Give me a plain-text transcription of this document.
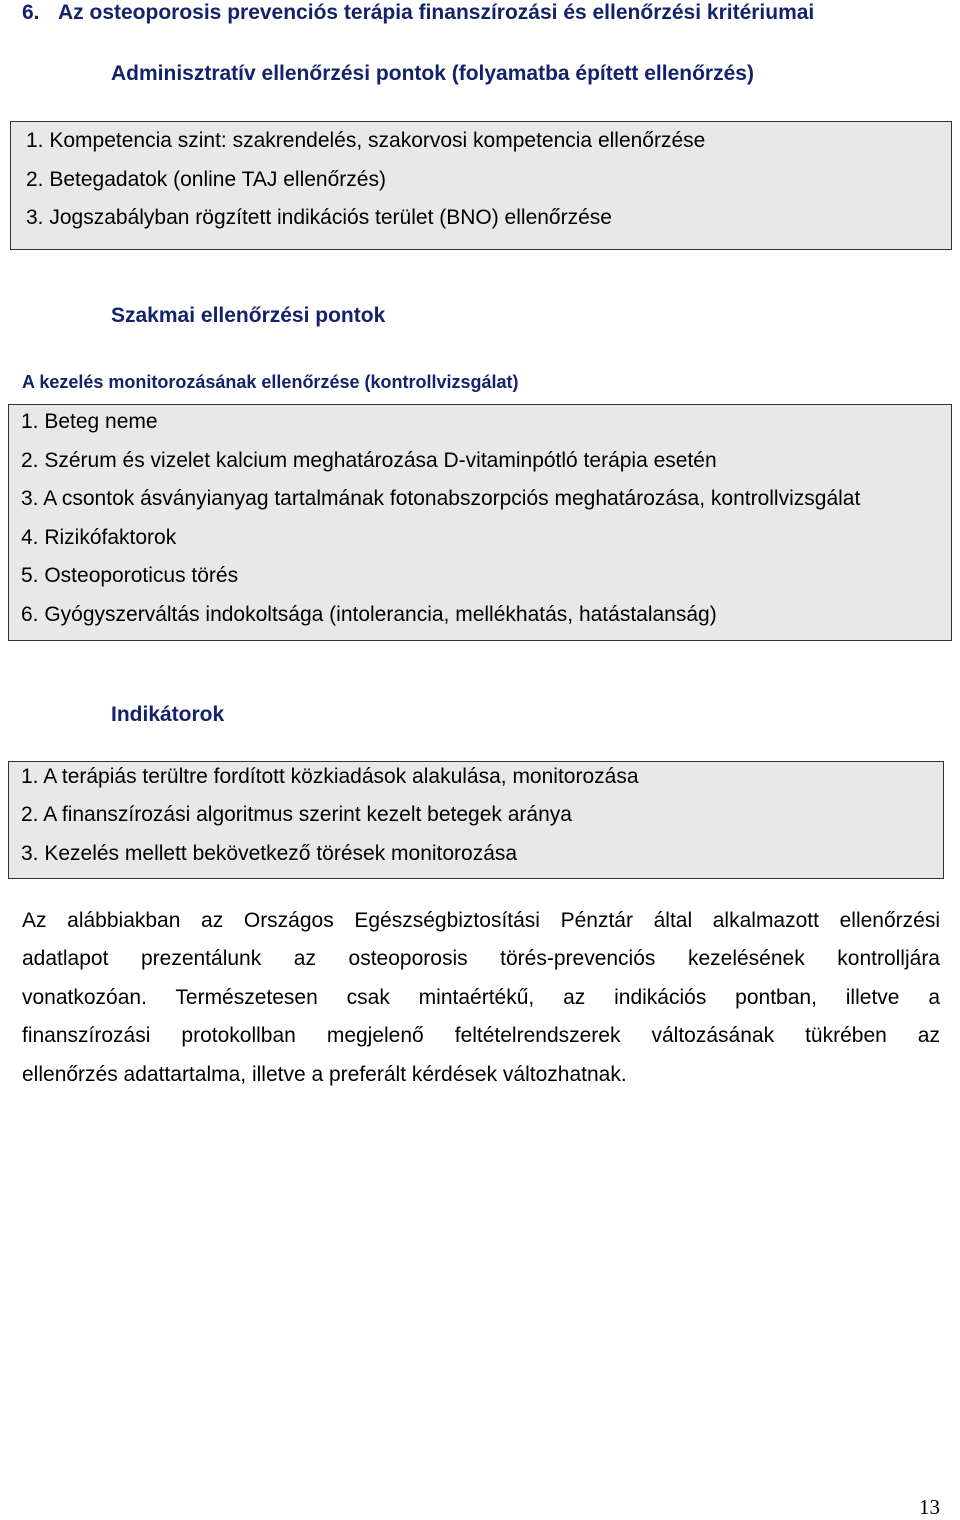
6. Az osteoporosis prevenciós terápia finanszírozási és ellenőrzési kritériumai
Adminisztratív ellenőrzési pontok (folyamatba épített ellenőrzés)
1. Kompetencia szint: szakrendelés, szakorvosi kompetencia ellenőrzése
2. Betegadatok (online TAJ ellenőrzés)
3. Jogszabályban rögzített indikációs terület (BNO) ellenőrzése
Szakmai ellenőrzési pontok
A kezelés monitorozásának ellenőrzése (kontrollvizsgálat)
1. Beteg neme
2. Szérum és vizelet kalcium meghatározása D-vitaminpótló terápia esetén
3. A csontok ásványianyag tartalmának fotonabszorpciós meghatározása, kontrollvizsgálat
4. Rizikófaktorok
5. Osteoporoticus törés
6. Gyógyszerváltás indokoltsága (intolerancia, mellékhatás, hatástalanság)
Indikátorok
1. A terápiás terültre fordított közkiadások alakulása, monitorozása
2. A finanszírozási algoritmus szerint kezelt betegek aránya
3. Kezelés mellett bekövetkező törések monitorozása
Az alábbiakban az Országos Egészségbiztosítási Pénztár által alkalmazott ellenőrzési
adatlapot prezentálunk az osteoporosis törés-prevenciós kezelésének kontrolljára
vonatkozóan. Természetesen csak mintaértékű, az indikációs pontban, illetve a
finanszírozási protokollban megjelenő feltételrendszerek változásának tükrében az
ellenőrzés adattartalma, illetve a preferált kérdések változhatnak.
13
